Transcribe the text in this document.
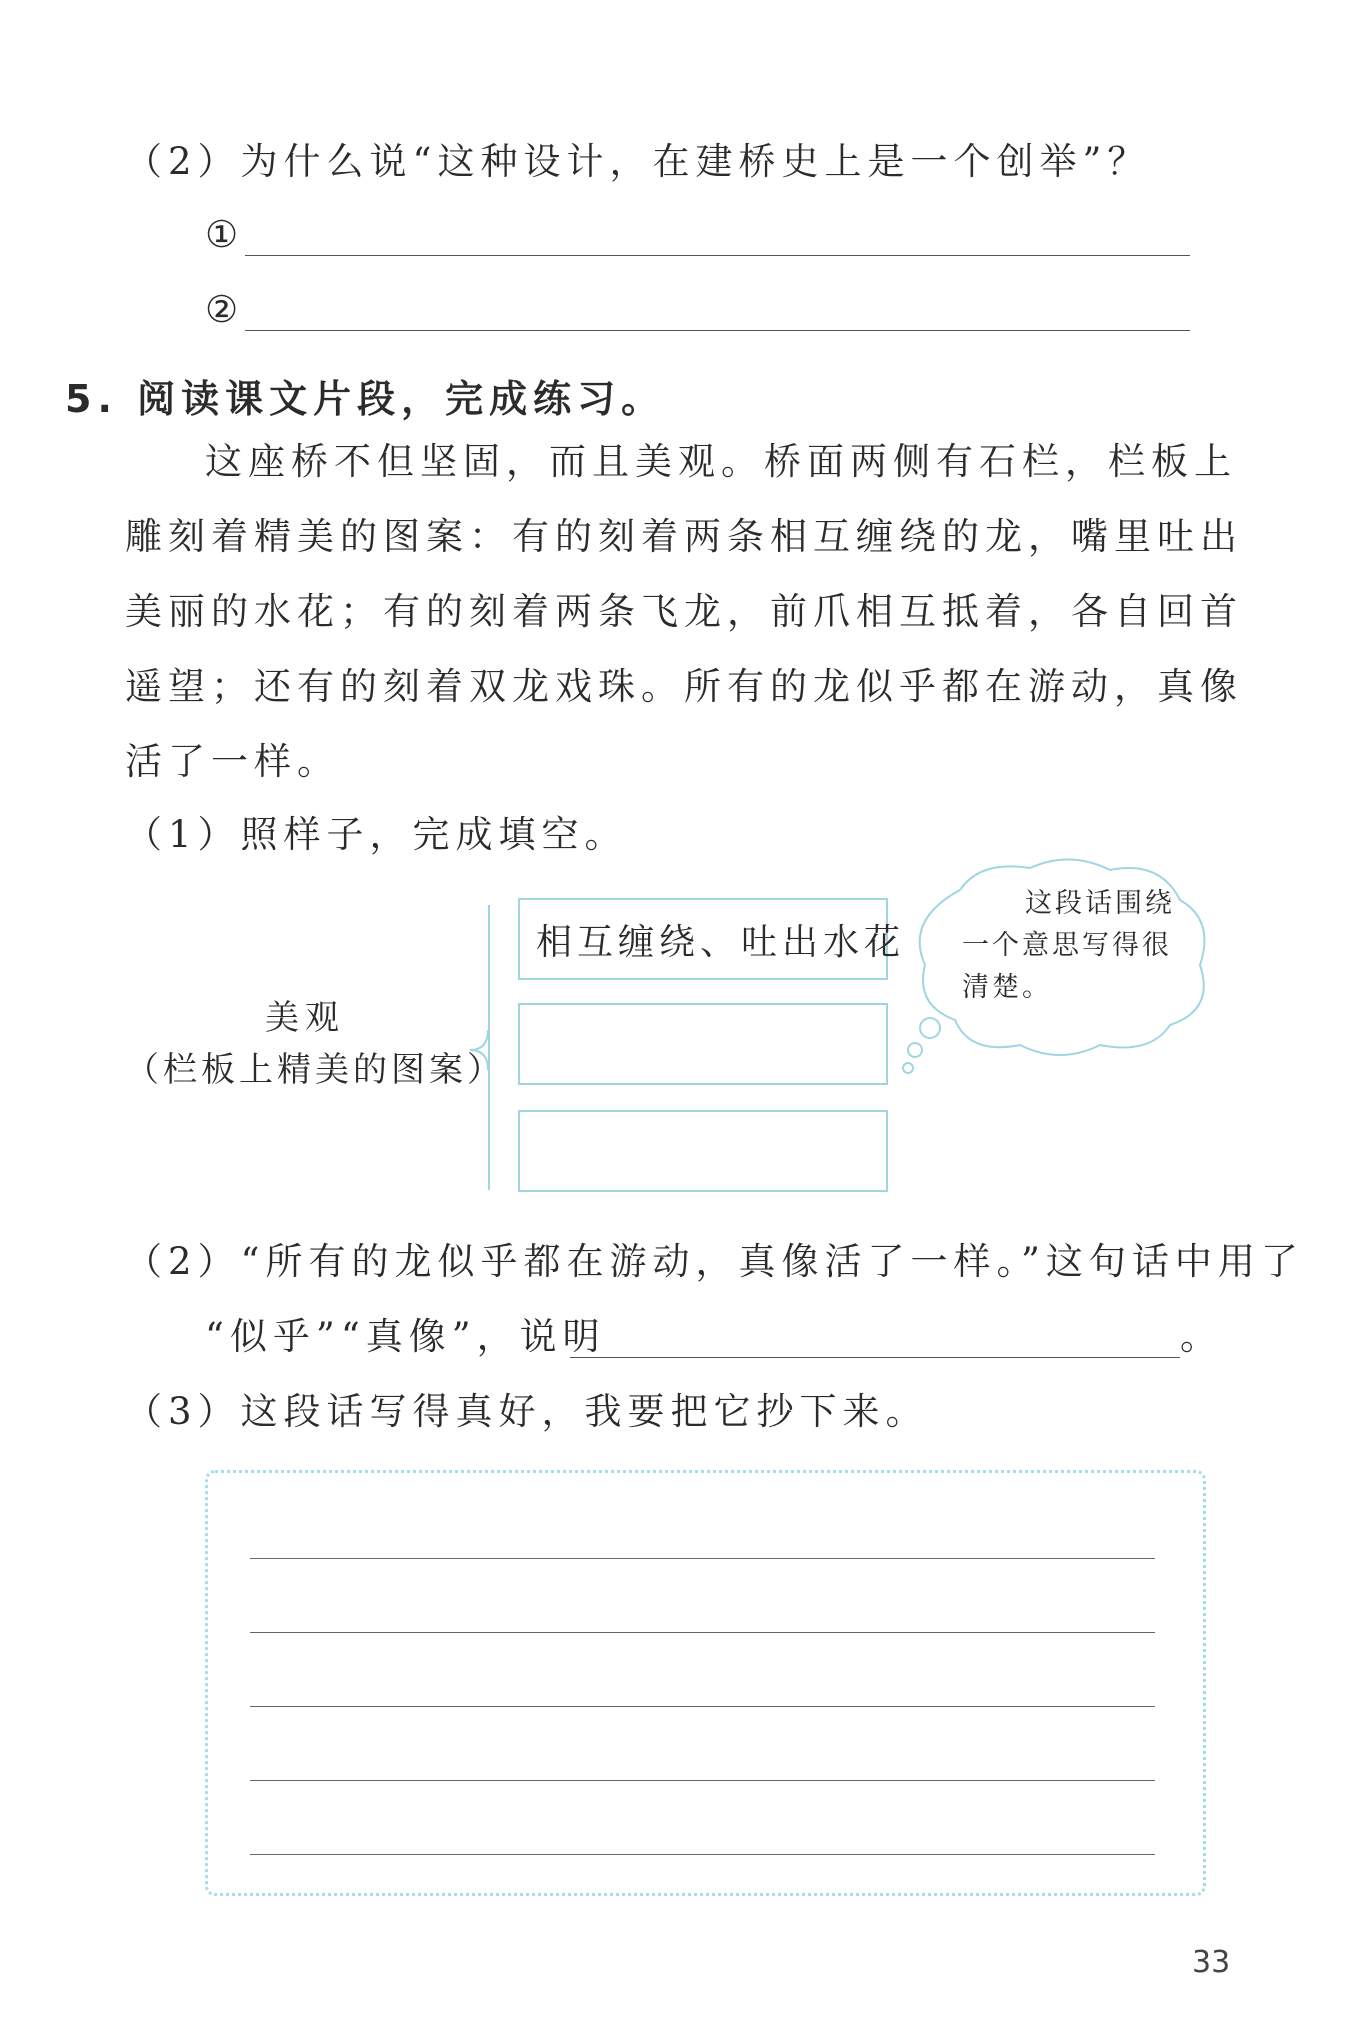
（2）为什么说“这种设计，在建桥史上是一个创举”？
①
②
5. 阅读课文片段，完成练习。
这座桥不但坚固，而且美观。桥面两侧有石栏，栏板上
雕刻着精美的图案：有的刻着两条相互缠绕的龙，嘴里吐出
美丽的水花；有的刻着两条飞龙，前爪相互抵着，各自回首
遥望；还有的刻着双龙戏珠。所有的龙似乎都在游动，真像
活了一样。
（1）照样子，完成填空。
美观
（栏板上精美的图案）
相互缠绕、吐出水花
这段话围绕
一个意思写得很
清楚。
（2）“所有的龙似乎都在游动，真像活了一样。”这句话中用了
“似乎”“真像”，说明	。
（3）这段话写得真好，我要把它抄下来。
33
